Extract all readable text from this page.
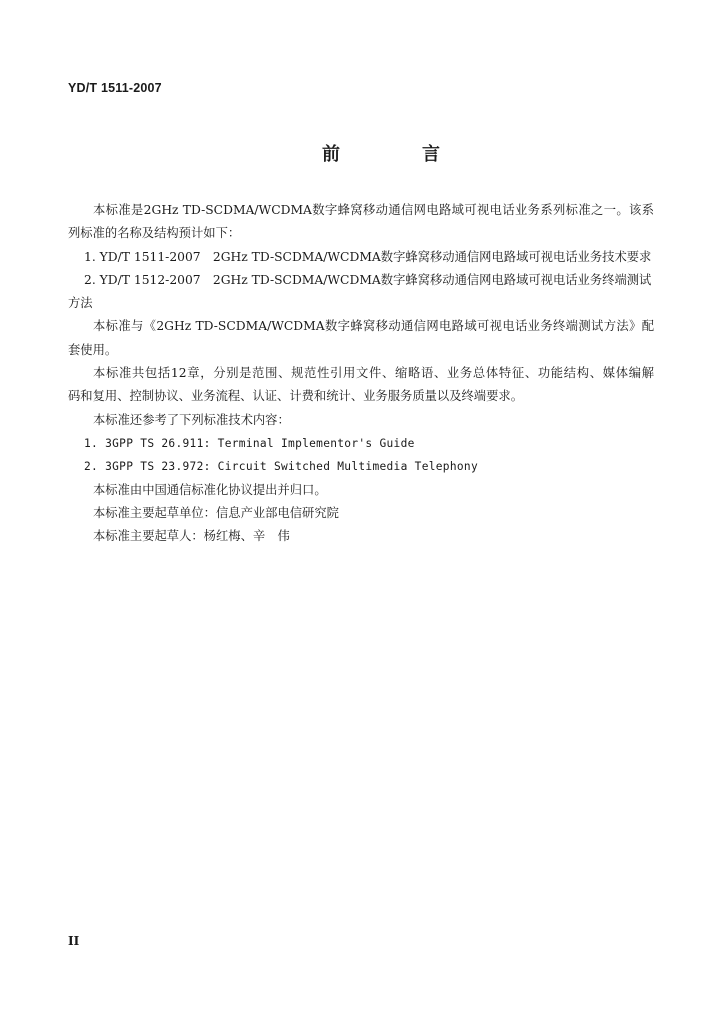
YD/T 1511-2007
前　言
本标准是2GHz TD-SCDMA/WCDMA数字蜂窝移动通信网电路域可视电话业务系列标准之一。该系
列标准的名称及结构预计如下：
1. YD/T 1511-2007　2GHz TD-SCDMA/WCDMA数字蜂窝移动通信网电路域可视电话业务技术要求
2. YD/T 1512-2007　2GHz TD-SCDMA/WCDMA数字蜂窝移动通信网电路域可视电话业务终端测试
方法
本标准与《2GHz TD-SCDMA/WCDMA数字蜂窝移动通信网电路域可视电话业务终端测试方法》配
套使用。
本标准共包括12章，分别是范围、规范性引用文件、缩略语、业务总体特征、功能结构、媒体编解
码和复用、控制协议、业务流程、认证、计费和统计、业务服务质量以及终端要求。
本标准还参考了下列标准技术内容：
1. 3GPP TS 26.911: Terminal Implementor's Guide
2. 3GPP TS 23.972: Circuit Switched Multimedia Telephony
本标准由中国通信标准化协议提出并归口。
本标准主要起草单位：信息产业部电信研究院
本标准主要起草人：杨红梅、辛　伟
II
